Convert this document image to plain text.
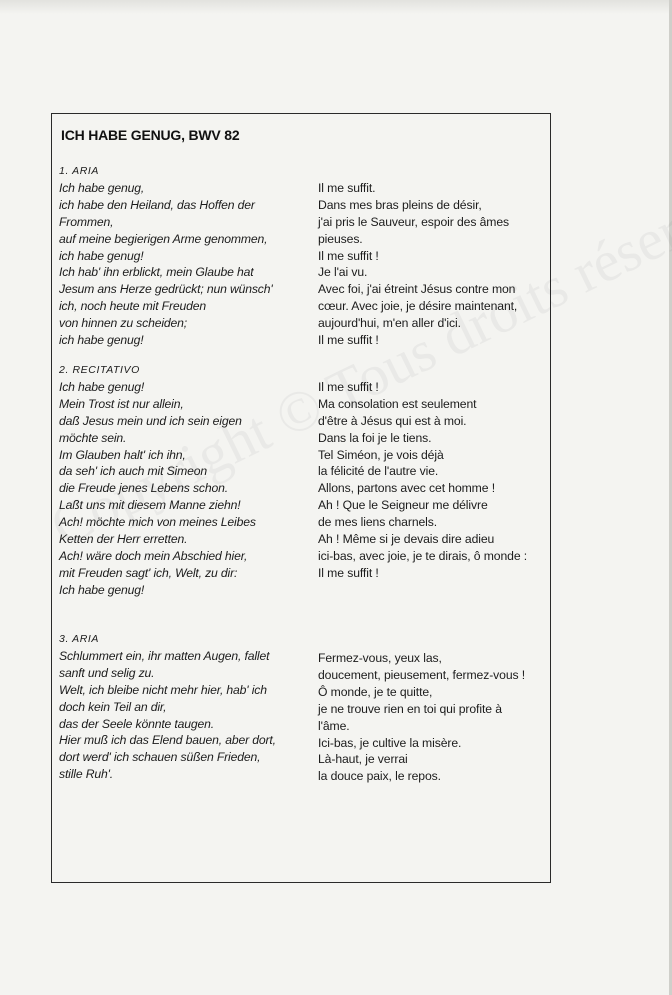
ICH HABE GENUG, BWV 82
1. ARIA
Ich habe genug,
ich habe den Heiland, das Hoffen der
Frommen,
auf meine begierigen Arme genommen,
ich habe genug!
Ich hab' ihn erblickt, mein Glaube hat
Jesum ans Herze gedrückt; nun wünsch'
ich, noch heute mit Freuden
von hinnen zu scheiden;
ich habe genug!
Il me suffit.
Dans mes bras pleins de désir,
j'ai pris le Sauveur, espoir des âmes
pieuses.
Il me suffit !
Je l'ai vu.
Avec foi, j'ai étreint Jésus contre mon
cœur. Avec joie, je désire maintenant,
aujourd'hui, m'en aller d'ici.
Il me suffit !
2. RECITATIVO
Ich habe genug!
Mein Trost ist nur allein,
daß Jesus mein und ich sein eigen
möchte sein.
Im Glauben halt' ich ihn,
da seh' ich auch mit Simeon
die Freude jenes Lebens schon.
Laßt uns mit diesem Manne ziehn!
Ach! möchte mich von meines Leibes
Ketten der Herr erretten.
Ach! wäre doch mein Abschied hier,
mit Freuden sagt' ich, Welt, zu dir:
Ich habe genug!
Il me suffit !
Ma consolation est seulement
d'être à Jésus qui est à moi.
Dans la foi je le tiens.
Tel Siméon, je vois déjà
la félicité de l'autre vie.
Allons, partons avec cet homme !
Ah ! Que le Seigneur me délivre
de mes liens charnels.
Ah ! Même si je devais dire adieu
ici-bas, avec joie, je te dirais, ô monde :
Il me suffit !
3. ARIA
Schlummert ein, ihr matten Augen, fallet
sanft und selig zu.
Welt, ich bleibe nicht mehr hier, hab' ich
doch kein Teil an dir,
das der Seele könnte taugen.
Hier muß ich das Elend bauen, aber dort,
dort werd' ich schauen süßen Frieden,
stille Ruh'.
Fermez-vous, yeux las,
doucement, pieusement, fermez-vous !
Ô monde, je te quitte,
je ne trouve rien en toi qui profite à
l'âme.
Ici-bas, je cultive la misère.
Là-haut, je verrai
la douce paix, le repos.
